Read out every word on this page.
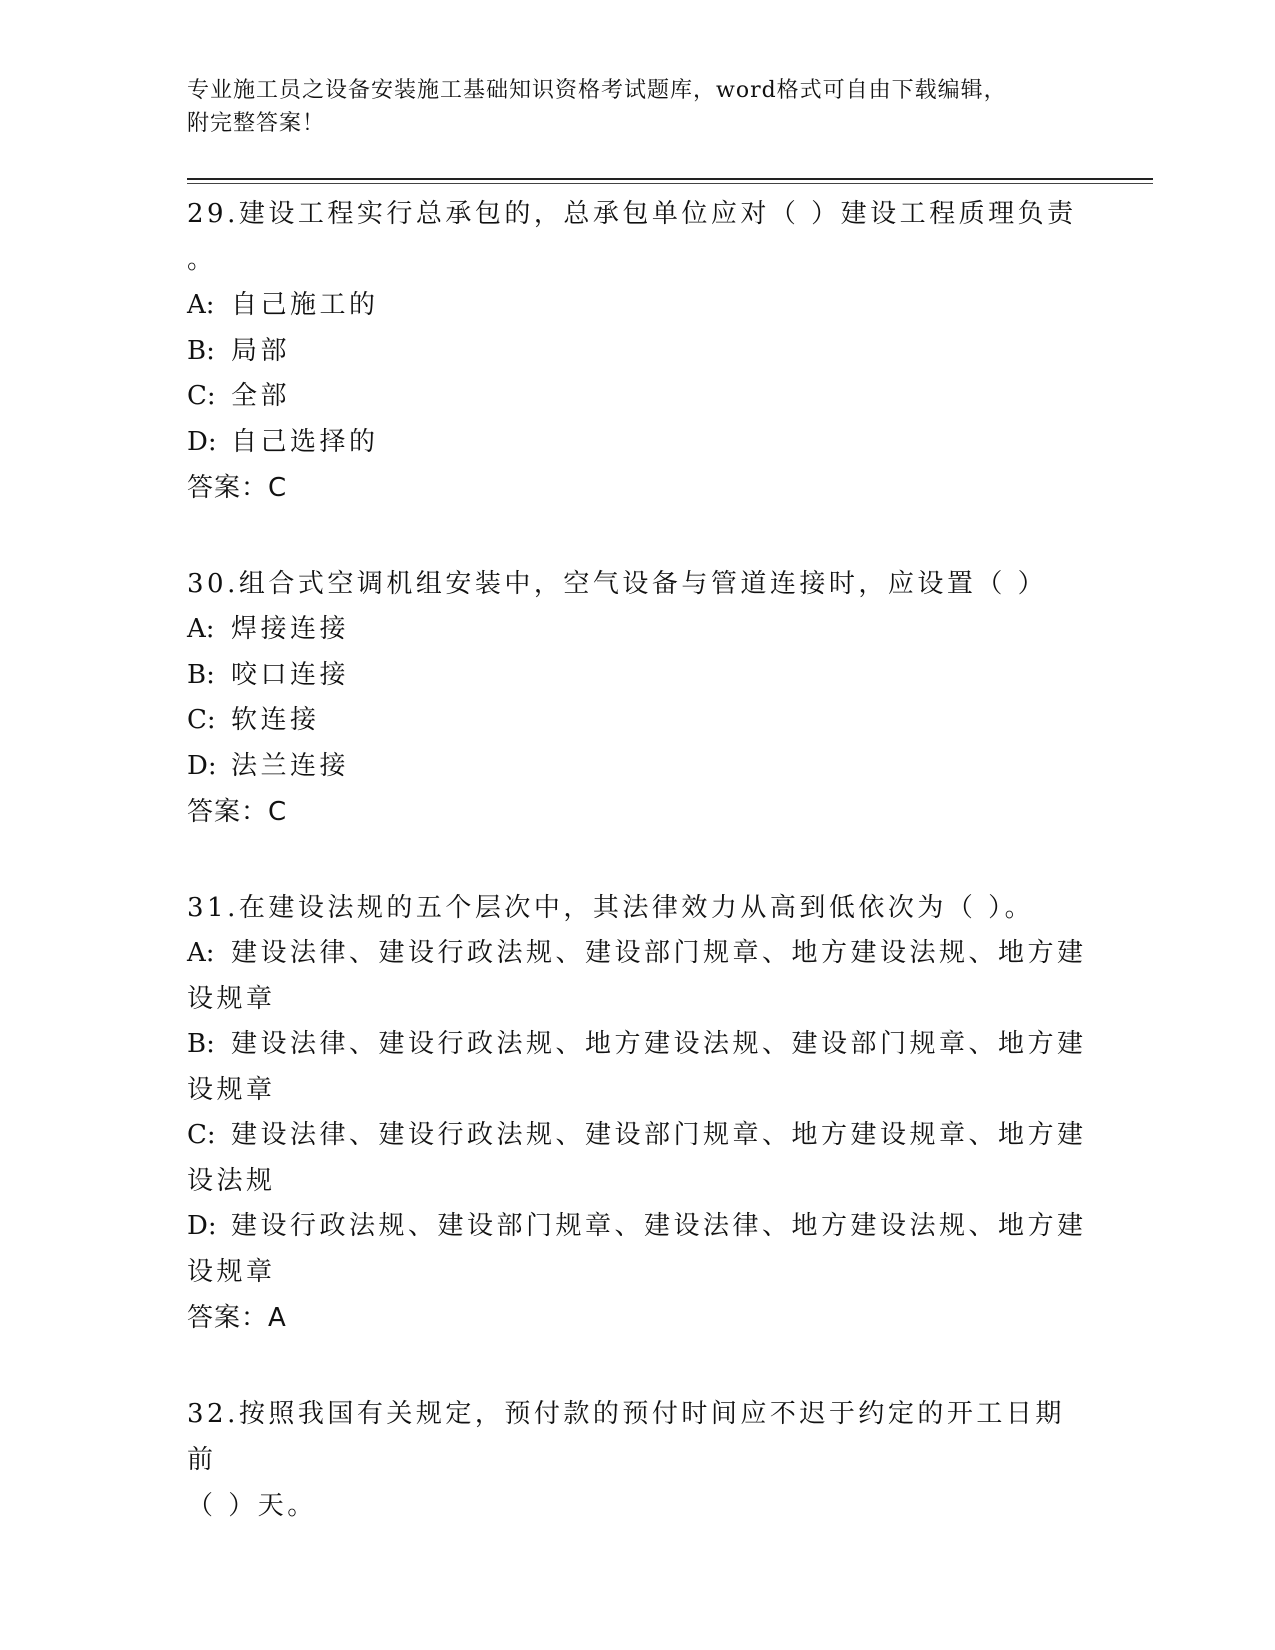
专业施工员之设备安装施工基础知识资格考试题库，word格式可自由下载编辑，
附完整答案！
29.建设工程实行总承包的，总承包单位应对（ ）建设工程质理负责
。
A: 自己施工的
B: 局部
C: 全部
D: 自己选择的
答案：C
30.组合式空调机组安装中，空气设备与管道连接时，应设置（ ）
A: 焊接连接
B: 咬口连接
C: 软连接
D: 法兰连接
答案：C
31.在建设法规的五个层次中，其法律效力从高到低依次为（ ）。
A: 建设法律、建设行政法规、建设部门规章、地方建设法规、地方建
设规章
B: 建设法律、建设行政法规、地方建设法规、建设部门规章、地方建
设规章
C: 建设法律、建设行政法规、建设部门规章、地方建设规章、地方建
设法规
D: 建设行政法规、建设部门规章、建设法律、地方建设法规、地方建
设规章
答案：A
32.按照我国有关规定，预付款的预付时间应不迟于约定的开工日期前
（ ）天。
